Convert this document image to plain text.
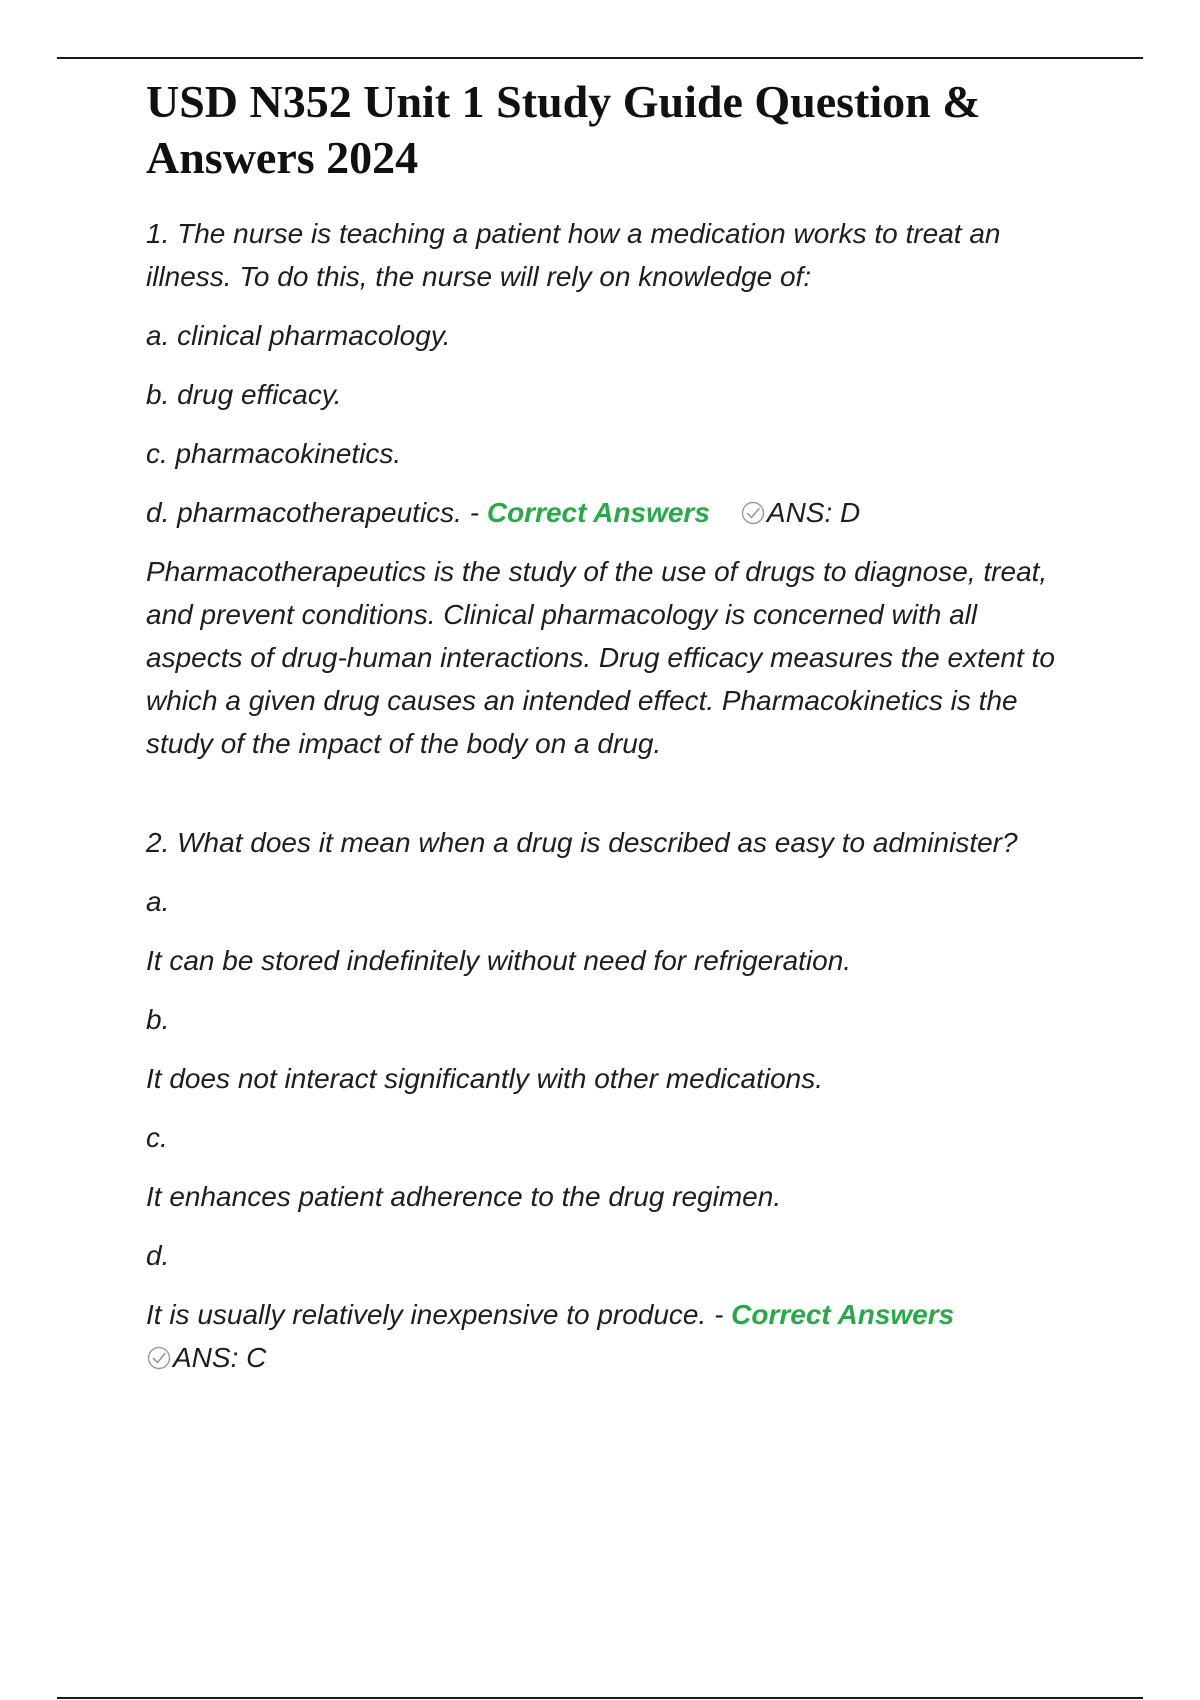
USD N352 Unit 1 Study Guide Question & Answers 2024

1. The nurse is teaching a patient how a medication works to treat an illness. To do this, the nurse will rely on knowledge of:

a. clinical pharmacology.

b. drug efficacy.

c. pharmacokinetics.

d. pharmacotherapeutics. - Correct Answers ANS: D

Pharmacotherapeutics is the study of the use of drugs to diagnose, treat, and prevent conditions. Clinical pharmacology is concerned with all aspects of drug-human interactions. Drug efficacy measures the extent to which a given drug causes an intended effect. Pharmacokinetics is the study of the impact of the body on a drug.

2. What does it mean when a drug is described as easy to administer?

a.

It can be stored indefinitely without need for refrigeration.

b.

It does not interact significantly with other medications.

c.

It enhances patient adherence to the drug regimen.

d.

It is usually relatively inexpensive to produce. - Correct Answers
ANS: C
